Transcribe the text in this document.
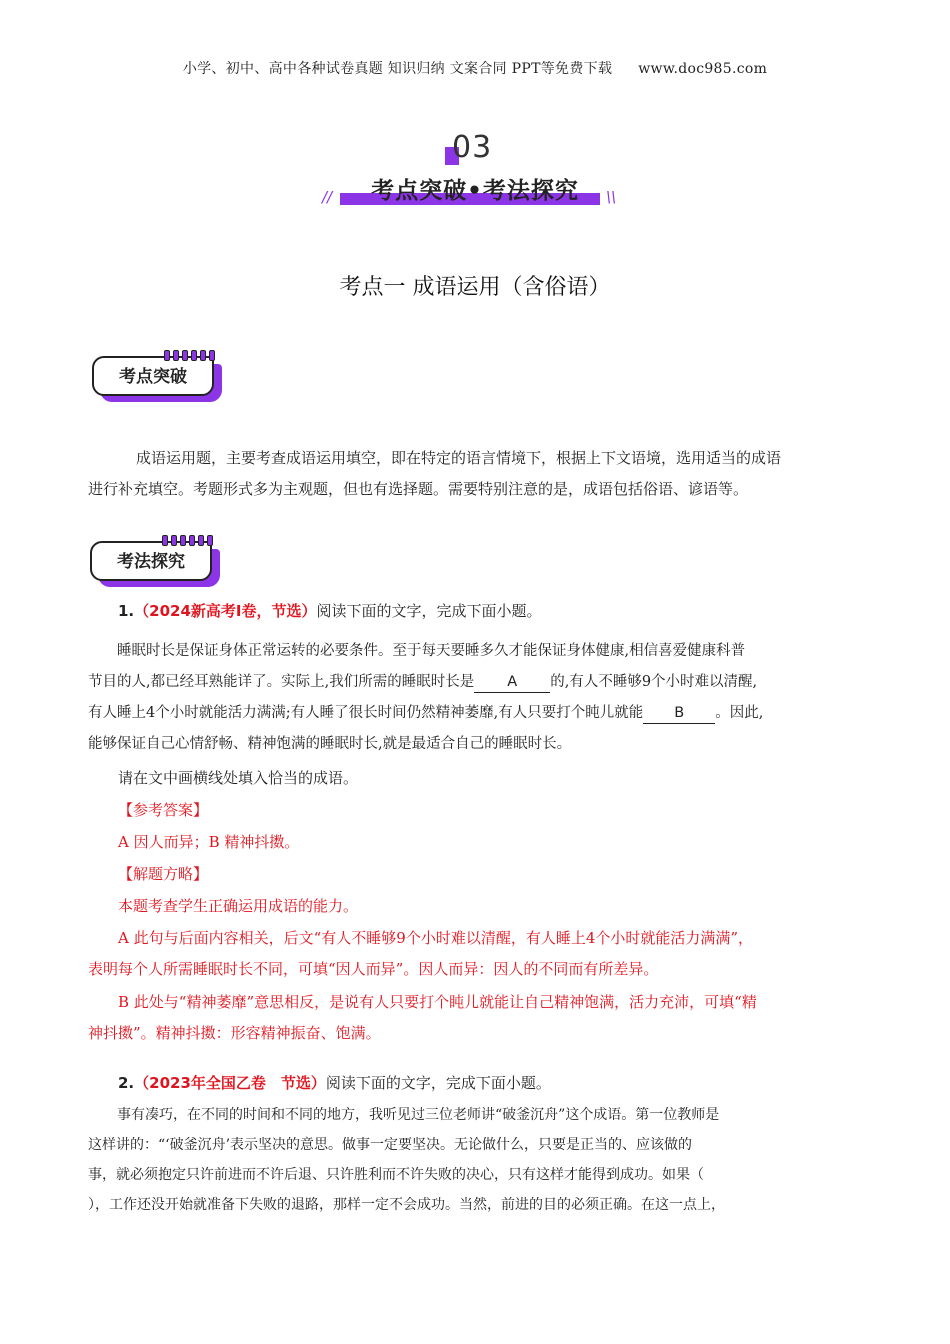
小学、初中、高中各种试卷真题 知识归纳 文案合同 PPT等免费下载 www.doc985.com
03
考点突破•考法探究
//	\\
考点一 成语运用（含俗语）
考点突破
成语运用题，主要考查成语运用填空，即在特定的语言情境下，根据上下文语境，选用适当的成语
进行补充填空。考题形式多为主观题，但也有选择题。需要特别注意的是，成语包括俗语、谚语等。
考法探究
1.（2024新高考Ⅰ卷，节选）阅读下面的文字，完成下面小题。
睡眠时长是保证身体正常运转的必要条件。至于每天要睡多久才能保证身体健康,相信喜爱健康科普
节目的人,都已经耳熟能详了。实际上,我们所需的睡眠时长是 A 的,有人不睡够9个小时难以清醒,
有人睡上4个小时就能活力满满;有人睡了很长时间仍然精神萎靡,有人只要打个盹儿就能 B 。因此,
能够保证自己心情舒畅、精神饱满的睡眠时长,就是最适合自己的睡眠时长。
请在文中画横线处填入恰当的成语。
【参考答案】
A 因人而异；B 精神抖擞。
【解题方略】
本题考查学生正确运用成语的能力。
A 此句与后面内容相关，后文“有人不睡够9个小时难以清醒，有人睡上4个小时就能活力满满”，
表明每个人所需睡眠时长不同，可填“因人而异”。因人而异：因人的不同而有所差异。
B 此处与“精神萎靡”意思相反，是说有人只要打个盹儿就能让自己精神饱满，活力充沛，可填“精
神抖擞”。精神抖擞：形容精神振奋、饱满。
2.（2023年全国乙卷　节选）阅读下面的文字，完成下面小题。
事有凑巧，在不同的时间和不同的地方，我听见过三位老师讲“破釜沉舟”这个成语。第一位教师是
这样讲的：“‘破釜沉舟’表示坚决的意思。做事一定要坚决。无论做什么，只要是正当的、应该做的
事，就必须抱定只许前进而不许后退、只许胜利而不许失败的决心，只有这样才能得到成功。如果（
），工作还没开始就准备下失败的退路，那样一定不会成功。当然，前进的目的必须正确。在这一点上，
